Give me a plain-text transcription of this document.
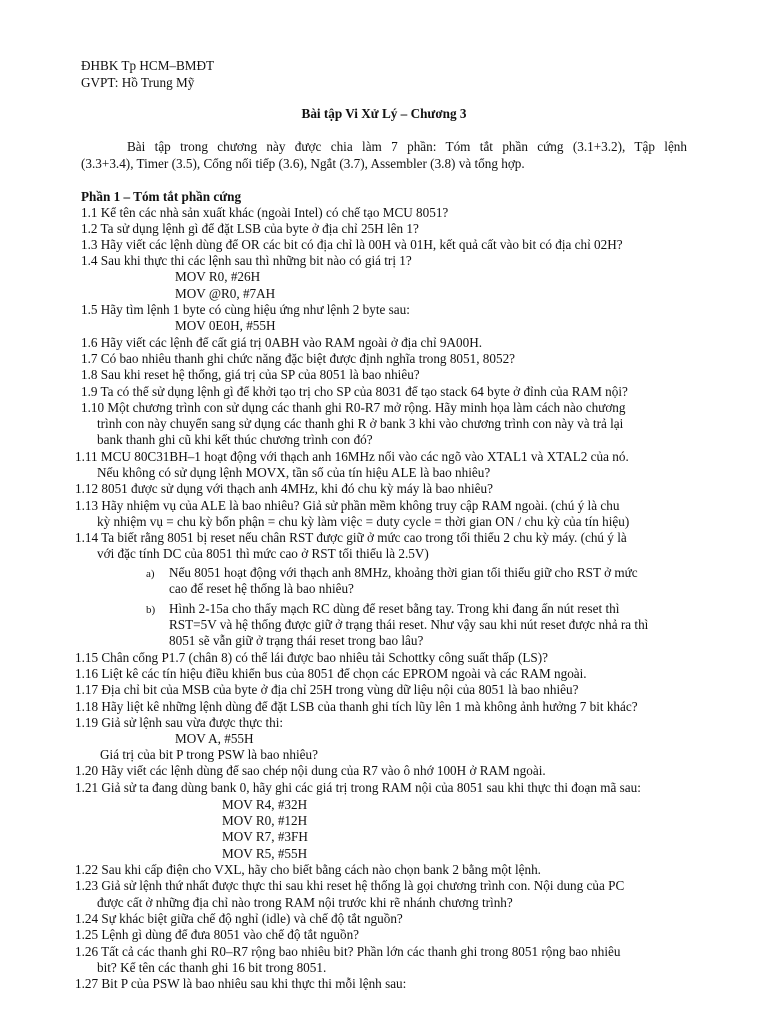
ĐHBK Tp HCM–BMĐT
GVPT: Hồ Trung Mỹ
Bài tập Vi Xử Lý – Chương 3
Bài tập trong chương này được chia làm 7 phần: Tóm tắt phần cứng (3.1+3.2), Tập lệnh
(3.3+3.4), Timer (3.5), Cổng nối tiếp (3.6), Ngắt (3.7), Assembler (3.8) và tổng hợp.
Phần 1 – Tóm tắt phần cứng
1.1 Kể tên các nhà sản xuất khác (ngoài Intel) có chế tạo MCU 8051?
1.2 Ta sử dụng lệnh gì để đặt LSB của byte ở địa chỉ 25H lên 1?
1.3 Hãy viết các lệnh dùng để OR các bit có địa chỉ là 00H và 01H, kết quả cất vào bit có địa chỉ 02H?
1.4 Sau khi thực thi các lệnh sau thì những bit nào có giá trị 1?
MOV R0, #26H
MOV @R0, #7AH
1.5 Hãy tìm lệnh 1 byte có cùng hiệu ứng như lệnh 2 byte sau:
MOV 0E0H, #55H
1.6 Hãy viết các lệnh để cất giá trị 0ABH vào RAM ngoài ở địa chỉ 9A00H.
1.7 Có bao nhiêu thanh ghi chức năng đặc biệt được định nghĩa trong 8051, 8052?
1.8 Sau khi reset hệ thống, giá trị của SP của 8051 là bao nhiêu?
1.9 Ta có thể sử dụng lệnh gì để khởi tạo trị cho SP của 8031 để tạo stack 64 byte ở đỉnh của RAM nội?
1.10 Một chương trình con sử dụng các thanh ghi R0-R7 mở rộng. Hãy minh họa làm cách nào chương
trình con này chuyển sang sử dụng các thanh ghi R ở bank 3 khi vào chương trình con này và trả lại
bank thanh ghi cũ khi kết thúc chương trình con đó?
1.11 MCU 80C31BH–1 hoạt động với thạch anh 16MHz nối vào các ngõ vào XTAL1 và XTAL2 của nó.
Nếu không có sử dụng lệnh MOVX, tần số của tín hiệu ALE là bao nhiêu?
1.12 8051 được sử dụng với thạch anh 4MHz, khi đó chu kỳ máy là bao nhiêu?
1.13 Hãy nhiệm vụ của ALE là bao nhiêu? Giả sử phần mềm không truy cập RAM ngoài. (chú ý là chu
kỳ nhiệm vụ = chu kỳ bổn phận = chu kỳ làm việc = duty cycle = thời gian ON / chu kỳ của tín hiệu)
1.14 Ta biết rằng 8051 bị reset nếu chân RST được giữ ở mức cao trong tối thiểu 2 chu kỳ máy. (chú ý là
với đặc tính DC của 8051 thì mức cao ở RST tối thiểu là 2.5V)
a) Nếu 8051 hoạt động với thạch anh 8MHz, khoảng thời gian tối thiểu giữ cho RST ở mức
cao để reset hệ thống là bao nhiêu?
b) Hình 2-15a cho thấy mạch RC dùng để reset bằng tay. Trong khi đang ấn nút reset thì
RST=5V và hệ thống được giữ ở trạng thái reset. Như vậy sau khi nút reset được nhả ra thì
8051 sẽ vẫn giữ ở trạng thái reset trong bao lâu?
1.15 Chân cổng P1.7 (chân 8) có thể lái được bao nhiêu tải Schottky công suất thấp (LS)?
1.16 Liệt kê các tín hiệu điều khiển bus của 8051 để chọn các EPROM ngoài và các RAM ngoài.
1.17 Địa chỉ bit của MSB của byte ở địa chỉ 25H trong vùng dữ liệu nội của 8051 là bao nhiêu?
1.18 Hãy liệt kê những lệnh dùng để đặt LSB của thanh ghi tích lũy lên 1 mà không ảnh hưởng 7 bit khác?
1.19 Giả sử lệnh sau vừa được thực thi:
MOV A, #55H
Giá trị của bit P trong PSW là bao nhiêu?
1.20 Hãy viết các lệnh dùng để sao chép nội dung của R7 vào ô nhớ 100H ở RAM ngoài.
1.21 Giả sử ta đang dùng bank 0, hãy ghi các giá trị trong RAM nội của 8051 sau khi thực thi đoạn mã sau:
MOV R4, #32H
MOV R0, #12H
MOV R7, #3FH
MOV R5, #55H
1.22 Sau khi cấp điện cho VXL, hãy cho biết bằng cách nào chọn bank 2 bằng một lệnh.
1.23 Giả sử lệnh thứ nhất được thực thi sau khi reset hệ thống là gọi chương trình con. Nội dung của PC
được cất ở những địa chỉ nào trong RAM nội trước khi rẽ nhánh chương trình?
1.24 Sự khác biệt giữa chế độ nghỉ (idle) và chế độ tắt nguồn?
1.25 Lệnh gì dùng để đưa 8051 vào chế độ tắt nguồn?
1.26 Tất cả các thanh ghi R0–R7 rộng bao nhiêu bit? Phần lớn các thanh ghi trong 8051 rộng bao nhiêu
bit? Kể tên các thanh ghi 16 bit trong 8051.
1.27 Bit P của PSW là bao nhiêu sau khi thực thi mỗi lệnh sau:
